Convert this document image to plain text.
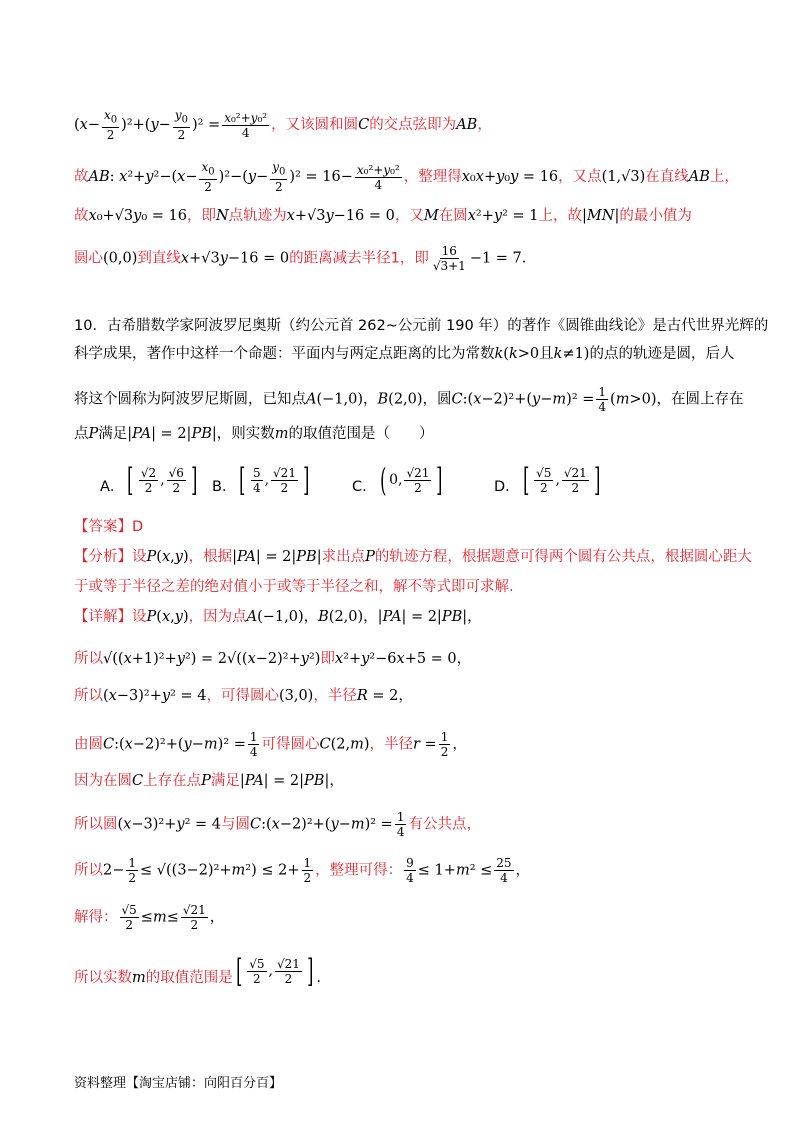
$(x- \frac{x_0}{2} )^2+(y- \frac{y_0}{2} )^2 = \frac{\text{x₀²+y₀²}}{4}$ ，又该圆和圆C的交点弦即为AB，
故AB: $x^2+y^2-(x- \frac{x_0}{2} )^2-(y- \frac{y_0}{2} )^2 = 16- \frac{\text{x₀²+y₀²}}{4}$ ，整理得x₀x+y₀y = 16，又点(1,√3)在直线AB上，
故x₀+√3y₀ = 16，即N点轨迹为x+√3y−16 = 0，又M在圆x²+y² = 1上，故|MN|的最小值为
圆心(0,0)到直线x+√3y−16 = 0的距离减去半径1，即 $\frac{16}{√3+1} -1 = 7$.
10．古希腊数学家阿波罗尼奥斯（约公元首 262~公元前 190 年）的著作《圆锥曲线论》是古代世界光辉的
科学成果，著作中这样一个命题：平面内与两定点距离的比为常数k(k>0且k≠1)的点的轨迹是圆，后人
将这个圆称为阿波罗尼斯圆，已知点A(−1,0)，B(2,0)，圆C:(x−2)²+(y−m)² = $\frac{1}{4} (m>0)$，在圆上存在
点P满足|PA| = 2|PB|，则实数m的取值范围是（　　）
A． [ $\frac{√2}{2}$ , $\frac{√6}{2}$ ] B． [ $\frac{5}{4}$ , $\frac{√21}{2}$ ]	C． ( 0, $\frac{√21}{2}$ ]	D． [ $\frac{√5}{2}$ , $\frac{√21}{2}$ ]
【答案】D
【分析】设P(x,y)，根据|PA| = 2|PB|求出点P的轨迹方程，根据题意可得两个圆有公共点，根据圆心距大
于或等于半径之差的绝对值小于或等于半径之和，解不等式即可求解.
【详解】设P(x,y)，因为点A(−1,0)，B(2,0)，|PA| = 2|PB|，
所以√((x+1)²+y²) = 2√((x−2)²+y²)即x²+y²−6x+5 = 0，
所以(x−3)²+y² = 4，可得圆心(3,0)，半径R = 2，
由圆C:(x−2)²+(y−m)² = $\frac{1}{4}$ 可得圆心C(2,m)，半径$r = \frac{1}{2}$ ，
因为在圆C上存在点P满足|PA| = 2|PB|，
所以圆(x−3)²+y² = 4与圆C:(x−2)²+(y−m)² = $\frac{1}{4}$ 有公共点，
所以$2- \frac{1}{2} \le √((3-2)^2+m^2) \le 2+ \frac{1}{2}$ ，整理可得： $\frac{9}{4} \le 1+m^2 \le \frac{25}{4}$ ，
解得： $\frac{√5}{2} \le m\le \frac{√21}{2}$ ，
所以实数m的取值范围是 [ $\frac{√5}{2}$ , $\frac{√21}{2}$ ] .
资料整理【淘宝店铺：向阳百分百】
